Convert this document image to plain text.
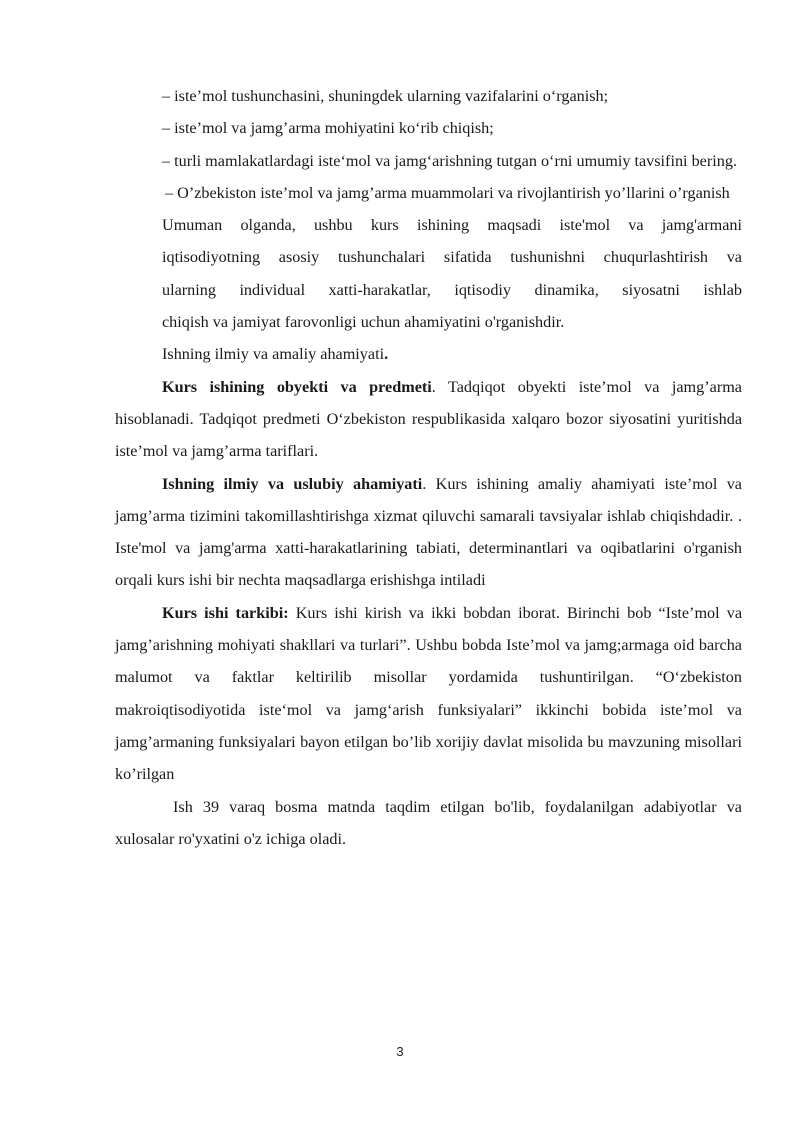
– iste’mol tushunchasini, shuningdek ularning vazifalarini o‘rganish;

– iste’mol va jamg’arma mohiyatini ko‘rib chiqish;

– turli mamlakatlardagi iste‘mol va jamg‘arishning tutgan o‘rni umumiy tavsifini bering.

– O’zbekiston iste’mol va jamg’arma muammolari va rivojlantirish yo’llarini o’rganish

Umuman olganda, ushbu kurs ishining maqsadi iste'mol va jamg'armani
iqtisodiyotning asosiy tushunchalari sifatida tushunishni chuqurlashtirish va
ularning individual xatti-harakatlar, iqtisodiy dinamika, siyosatni ishlab
chiqish va jamiyat farovonligi uchun ahamiyatini o'rganishdir.
Ishning ilmiy va amaliy ahamiyati.

Kurs ishining obyekti va predmeti. Tadqiqot obyekti iste’mol va jamg’arma hisoblanadi. Tadqiqot predmeti O‘zbekiston respublikasida xalqaro bozor siyosatini yuritishda iste’mol va jamg’arma tariflari.

Ishning ilmiy va uslubiy ahamiyati. Kurs ishining amaliy ahamiyati iste’mol va jamg’arma tizimini takomillashtirishga xizmat qiluvchi samarali tavsiyalar ishlab chiqishdadir. . Iste'mol va jamg'arma xatti-harakatlarining tabiati, determinantlari va oqibatlarini o'rganish orqali kurs ishi bir nechta maqsadlarga erishishga intiladi

Kurs ishi tarkibi: Kurs ishi kirish va ikki bobdan iborat. Birinchi bob “Iste’mol va jamg’arishning mohiyati shakllari va turlari”. Ushbu bobda Iste’mol va jamg;armaga oid barcha malumot va faktlar keltirilib misollar yordamida tushuntirilgan. “O‘zbekiston makroiqtisodiyotida iste‘mol va jamg‘arish funksiyalari” ikkinchi bobida iste’mol va jamg’armaning funksiyalari bayon etilgan bo’lib xorijiy davlat misolida bu mavzuning misollari ko’rilgan

Ish 39 varaq bosma matnda taqdim etilgan bo'lib, foydalanilgan adabiyotlar va xulosalar ro'yxatini o'z ichiga oladi.

3
